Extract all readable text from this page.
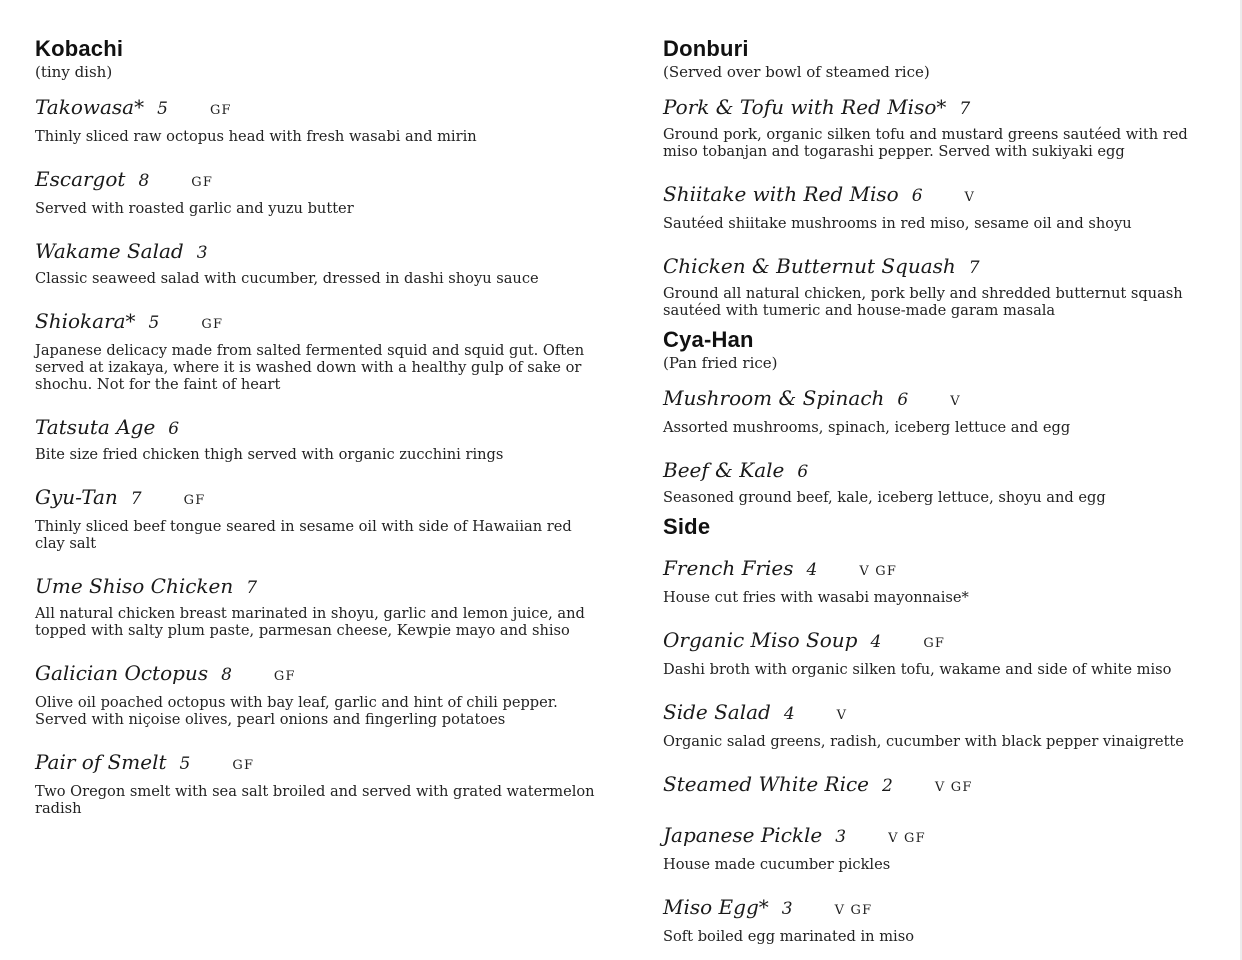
Kobachi
(tiny dish)
Takowasa* 5	GF

Thinly sliced raw octopus head with fresh wasabi and mirin

Escargot 8	GF

Served with roasted garlic and yuzu butter

Wakame Salad 3

Classic seaweed salad with cucumber, dressed in dashi shoyu sauce

Shiokara* 5	GF

Japanese delicacy made from salted fermented squid and squid gut. Often served at izakaya, where it is washed down with a healthy gulp of sake or shochu. Not for the faint of heart

Tatsuta Age 6

Bite size fried chicken thigh served with organic zucchini rings

Gyu-Tan 7	GF

Thinly sliced beef tongue seared in sesame oil with side of Hawaiian red clay salt

Ume Shiso Chicken 7

All natural chicken breast marinated in shoyu, garlic and lemon juice, and topped with salty plum paste, parmesan cheese, Kewpie mayo and shiso

Galician Octopus 8	GF

Olive oil poached octopus with bay leaf, garlic and hint of chili pepper. Served with niçoise olives, pearl onions and fingerling potatoes

Pair of Smelt 5	GF

Two Oregon smelt with sea salt broiled and served with grated watermelon radish

Donburi
(Served over bowl of steamed rice)
Pork & Tofu with Red Miso* 7

Ground pork, organic silken tofu and mustard greens sautéed with red miso tobanjan and togarashi pepper. Served with sukiyaki egg

Shiitake with Red Miso 6	V

Sautéed shiitake mushrooms in red miso, sesame oil and shoyu

Chicken & Butternut Squash 7

Ground all natural chicken, pork belly and shredded butternut squash sautéed with tumeric and house-made garam masala

Cya-Han
(Pan fried rice)
Mushroom & Spinach 6	V

Assorted mushrooms, spinach, iceberg lettuce and egg

Beef & Kale 6

Seasoned ground beef, kale, iceberg lettuce, shoyu and egg

Side
French Fries 4	V GF

House cut fries with wasabi mayonnaise*

Organic Miso Soup 4	GF

Dashi broth with organic silken tofu, wakame and side of white miso

Side Salad 4	V

Organic salad greens, radish, cucumber with black pepper vinaigrette

Steamed White Rice 2	V GF
Japanese Pickle 3	V GF

House made cucumber pickles

Miso Egg* 3	V GF

Soft boiled egg marinated in miso
